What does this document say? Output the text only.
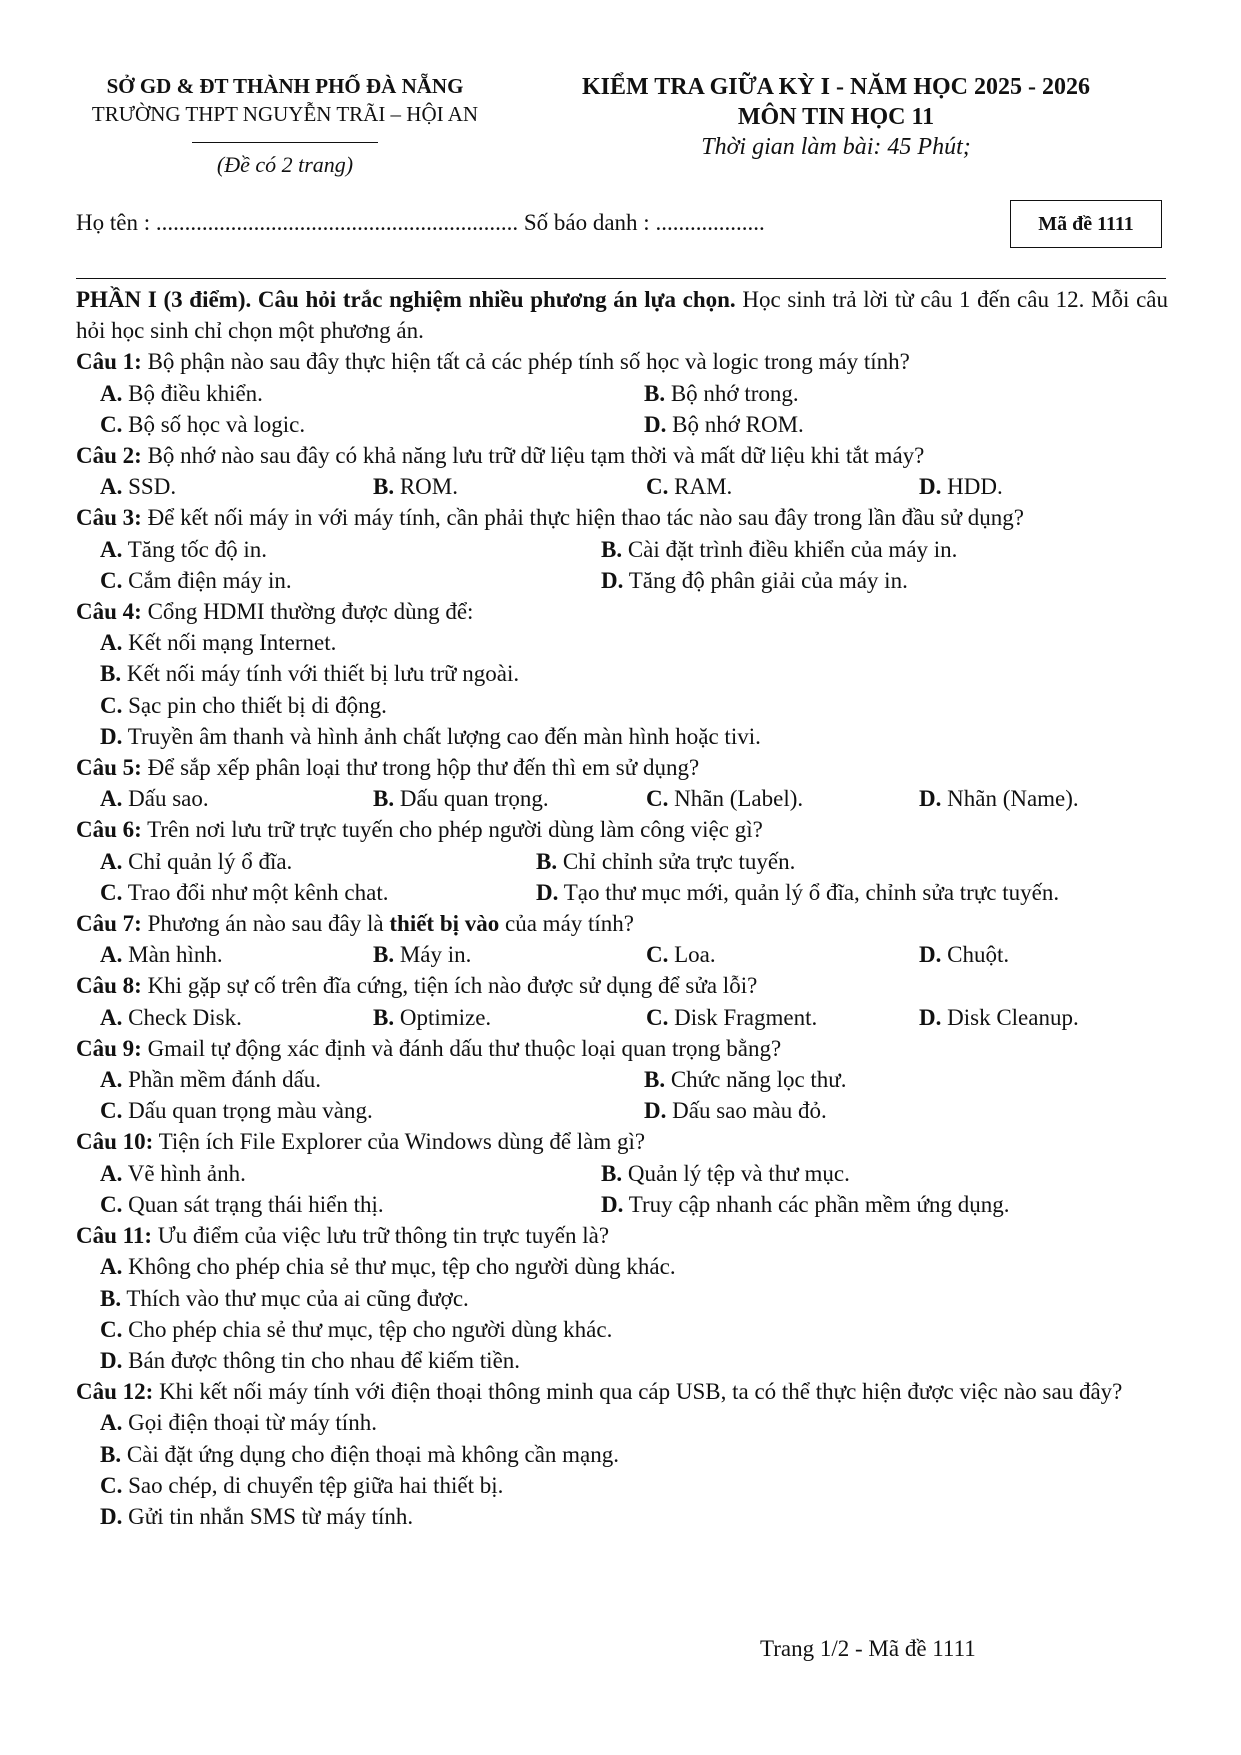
SỞ GD & ĐT THÀNH PHỐ ĐÀ NẴNG
TRƯỜNG THPT NGUYỄN TRÃI – HỘI AN
(Đề có 2 trang)
KIỂM TRA GIỮA KỲ I - NĂM HỌC 2025 - 2026
MÔN TIN HỌC 11
Thời gian làm bài: 45 Phút;
Họ tên : ............................................................... Số báo danh : ...................	Mã đề 1111

PHẦN I (3 điểm). Câu hỏi trắc nghiệm nhiều phương án lựa chọn. Học sinh trả lời từ câu 1 đến câu 12. Mỗi câu hỏi học sinh chỉ chọn một phương án.

Câu 1: Bộ phận nào sau đây thực hiện tất cả các phép tính số học và logic trong máy tính?

A. Bộ điều khiển.	B. Bộ nhớ trong.
C. Bộ số học và logic.	D. Bộ nhớ ROM.

Câu 2: Bộ nhớ nào sau đây có khả năng lưu trữ dữ liệu tạm thời và mất dữ liệu khi tắt máy?

A. SSD.	B. ROM.	C. RAM.	D. HDD.

Câu 3: Để kết nối máy in với máy tính, cần phải thực hiện thao tác nào sau đây trong lần đầu sử dụng?

A. Tăng tốc độ in.	B. Cài đặt trình điều khiển của máy in.
C. Cắm điện máy in.	D. Tăng độ phân giải của máy in.

Câu 4: Cổng HDMI thường được dùng để:

A. Kết nối mạng Internet.
B. Kết nối máy tính với thiết bị lưu trữ ngoài.
C. Sạc pin cho thiết bị di động.
D. Truyền âm thanh và hình ảnh chất lượng cao đến màn hình hoặc tivi.

Câu 5: Để sắp xếp phân loại thư trong hộp thư đến thì em sử dụng?

A. Dấu sao.	B. Dấu quan trọng.	C. Nhãn (Label).	D. Nhãn (Name).

Câu 6: Trên nơi lưu trữ trực tuyến cho phép người dùng làm công việc gì?

A. Chỉ quản lý ổ đĩa.	B. Chỉ chỉnh sửa trực tuyến.
C. Trao đổi như một kênh chat.	D. Tạo thư mục mới, quản lý ổ đĩa, chỉnh sửa trực tuyến.

Câu 7: Phương án nào sau đây là thiết bị vào của máy tính?

A. Màn hình.	B. Máy in.	C. Loa.	D. Chuột.

Câu 8: Khi gặp sự cố trên đĩa cứng, tiện ích nào được sử dụng để sửa lỗi?

A. Check Disk.	B. Optimize.	C. Disk Fragment.	D. Disk Cleanup.

Câu 9: Gmail tự động xác định và đánh dấu thư thuộc loại quan trọng bằng?

A. Phần mềm đánh dấu.	B. Chức năng lọc thư.
C. Dấu quan trọng màu vàng.	D. Dấu sao màu đỏ.

Câu 10: Tiện ích File Explorer của Windows dùng để làm gì?

A. Vẽ hình ảnh.	B. Quản lý tệp và thư mục.
C. Quan sát trạng thái hiển thị.	D. Truy cập nhanh các phần mềm ứng dụng.

Câu 11: Ưu điểm của việc lưu trữ thông tin trực tuyến là?

A. Không cho phép chia sẻ thư mục, tệp cho người dùng khác.
B. Thích vào thư mục của ai cũng được.
C. Cho phép chia sẻ thư mục, tệp cho người dùng khác.
D. Bán được thông tin cho nhau để kiếm tiền.

Câu 12: Khi kết nối máy tính với điện thoại thông minh qua cáp USB, ta có thể thực hiện được việc nào sau đây?

A. Gọi điện thoại từ máy tính.
B. Cài đặt ứng dụng cho điện thoại mà không cần mạng.
C. Sao chép, di chuyển tệp giữa hai thiết bị.
D. Gửi tin nhắn SMS từ máy tính.
Trang 1/2 - Mã đề 1111
